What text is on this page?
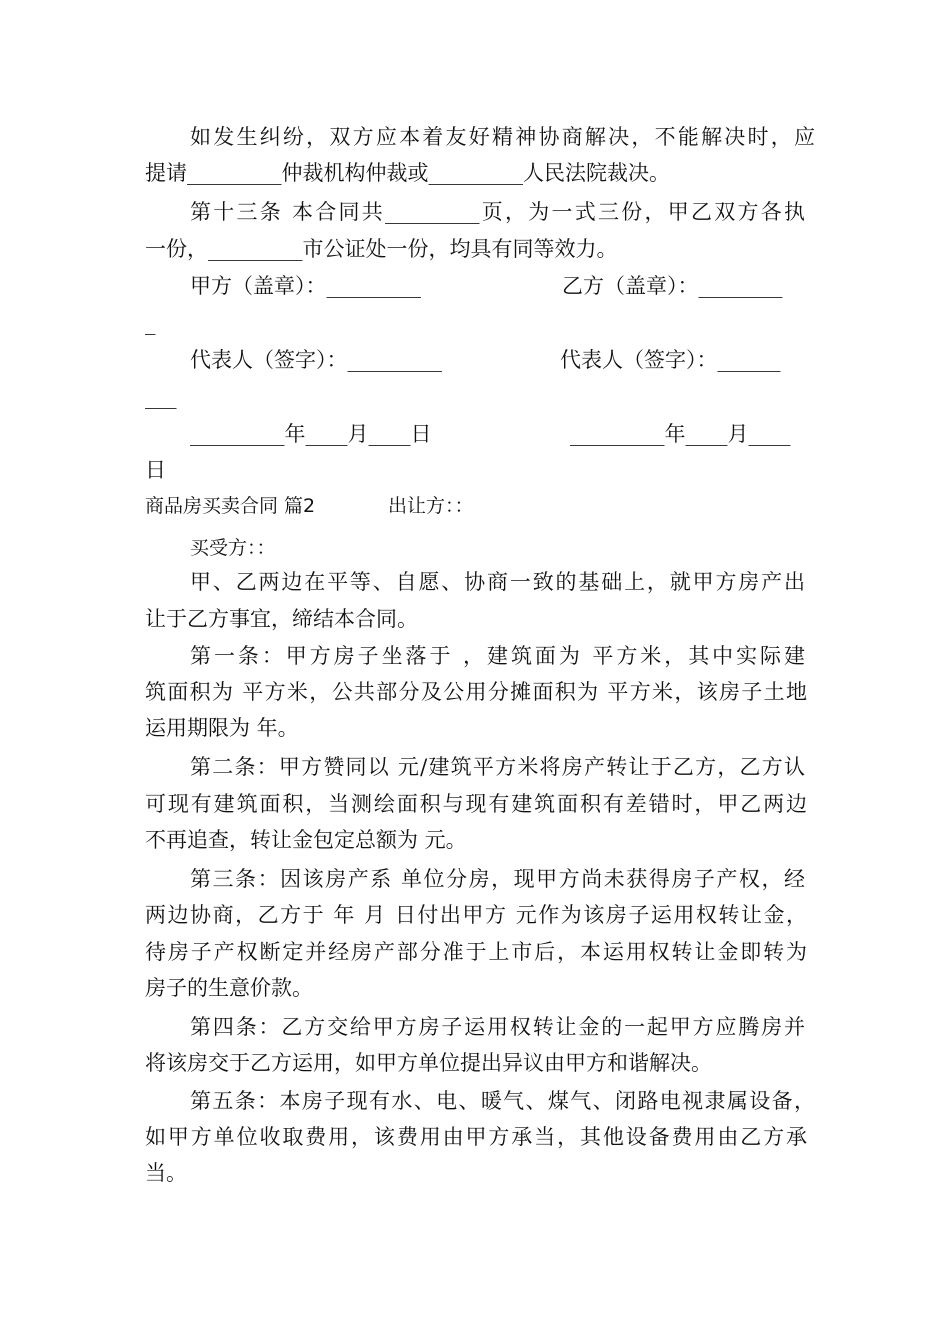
如发生纠纷，双方应本着友好精神协商解决，不能解决时，应
提请_________仲裁机构仲裁或_________人民法院裁决。
第十三条 本合同共_________页，为一式三份，甲乙双方各执
一份，_________市公证处一份，均具有同等效力。
甲方（盖章）：_________	乙方（盖章）：________
_
代表人（签字）：_________	代表人（签字）：______
___
_________年____月____日	_________年____月____
日
商品房买卖合同 篇2	出让方：：
买受方：：
甲、乙两边在平等、自愿、协商一致的基础上，就甲方房产出
让于乙方事宜，缔结本合同。
第一条：甲方房子坐落于 ，建筑面为 平方米，其中实际建
筑面积为 平方米，公共部分及公用分摊面积为 平方米，该房子土地
运用期限为 年。
第二条：甲方赞同以 元/建筑平方米将房产转让于乙方，乙方认
可现有建筑面积，当测绘面积与现有建筑面积有差错时，甲乙两边
不再追查，转让金包定总额为 元。
第三条：因该房产系 单位分房，现甲方尚未获得房子产权，经
两边协商，乙方于 年 月 日付出甲方 元作为该房子运用权转让金，
待房子产权断定并经房产部分准于上市后，本运用权转让金即转为
房子的生意价款。
第四条：乙方交给甲方房子运用权转让金的一起甲方应腾房并
将该房交于乙方运用，如甲方单位提出异议由甲方和谐解决。
第五条：本房子现有水、电、暖气、煤气、闭路电视隶属设备，
如甲方单位收取费用，该费用由甲方承当，其他设备费用由乙方承
当。
